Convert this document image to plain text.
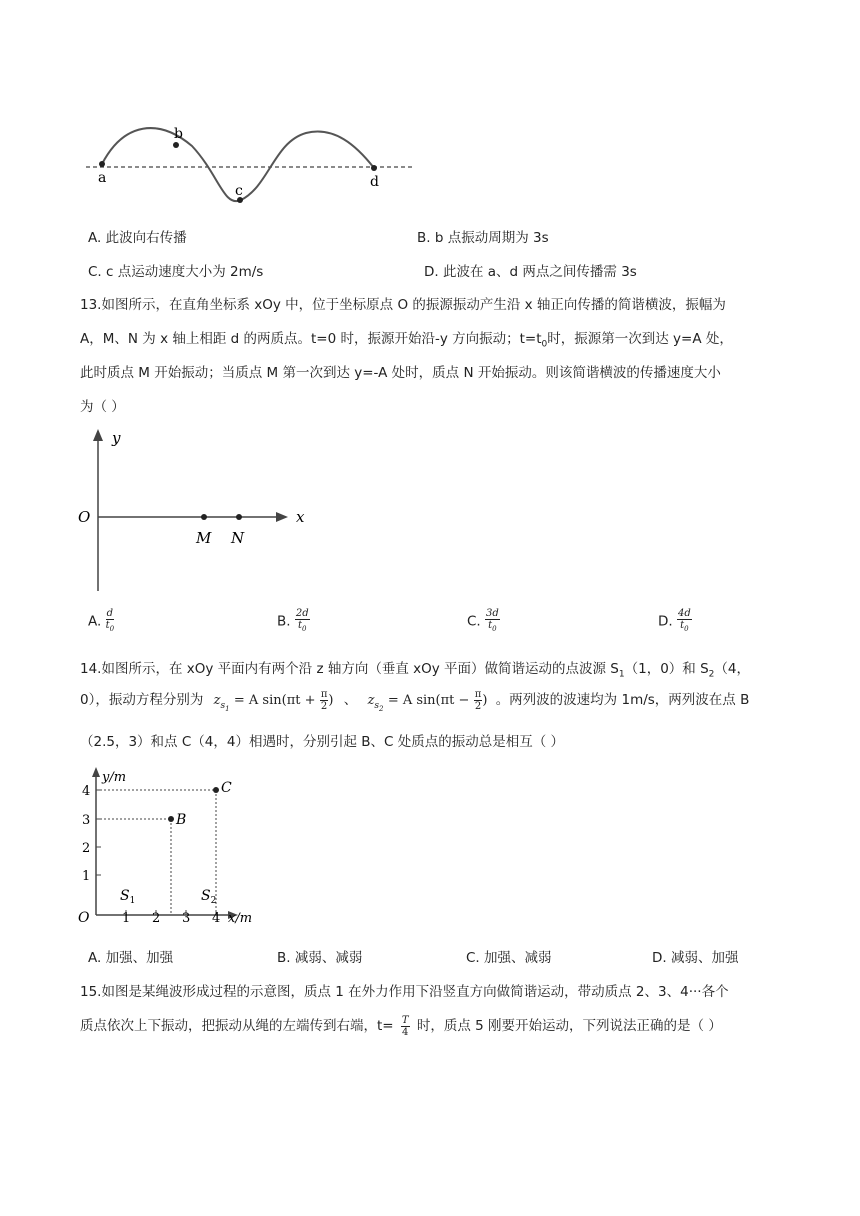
a
b
c
d
A. 此波向右传播	B. b 点振动周期为 3s
C. c 点运动速度大小为 2m/s	D. 此波在 a、d 两点之间传播需 3s
13.如图所示，在直角坐标系 xOy 中，位于坐标原点 O 的振源振动产生沿 x 轴正向传播的简谐横波，振幅为
A，M、N 为 x 轴上相距 d 的两质点。t=0 时，振源开始沿-y 方向振动；$t=t_0$时，振源第一次到达 y=A 处，
此时质点 M 开始振动；当质点 M 第一次到达 y=-A 处时，质点 N 开始振动。则该简谐横波的传播速度大小
为（ ）
y
O	x
M N
A. $\frac{d}{t_0}$	B. $\frac{2d}{t_0}$	C. $\frac{3d}{t_0}$	D. $\frac{4d}{t_0}$
14.如图所示，在 xOy 平面内有两个沿 z 轴方向（垂直 xOy 平面）做简谐运动的点波源 $S_1(1$，0）和 $S_2(4$，
0），振动方程分别为 $z_{s_1} = A$ $\sin(\pi t + \frac{\pi}{2}$ ) 、 $z_{s_2} = A$ $\sin(\pi t - \frac{\pi}{2}$ ) 。两列波的波速均为 1m/s，两列波在点 B
（2.5，3）和点 C（4，4）相遇时，分别引起 B、C 处质点的振动总是相互（ ）
y/m
O	x/m
B
C
$S_1$	$S_2$
1
2
3
4
1 2 3 4
A. 加强、加强	B. 减弱、减弱	C. 加强、减弱	D. 减弱、加强
15.如图是某绳波形成过程的示意图，质点 1 在外力作用下沿竖直方向做简谐运动，带动质点 2、3、4···各个
质点依次上下振动，把振动从绳的左端传到右端，$t= \frac{T}{4}$ 时，质点 5 刚要开始运动，下列说法正确的是（ ）
